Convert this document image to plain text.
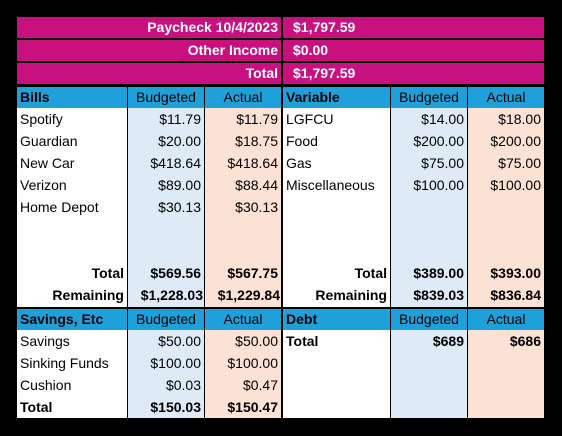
Paycheck 10/4/2023	$1,797.59
Other Income	$0.00
Total	$1,797.59
Bills	Budgeted	Actual
Spotify	$11.79	$11.79
Guardian	$20.00	$18.75
New Car	$418.64	$418.64
Verizon	$89.00	$88.44
Home Depot	$30.13	$30.13
Total	$569.56	$567.75
Remaining	$1,228.03	$1,229.84
Variable	Budgeted	Actual
LGFCU	$14.00	$18.00
Food	$200.00	$200.00
Gas	$75.00	$75.00
Miscellaneous	$100.00	$100.00
Total	$389.00	$393.00
Remaining	$839.03	$836.84
Savings, Etc	Budgeted	Actual
Savings	$50.00	$50.00
Sinking Funds	$100.00	$100.00
Cushion	$0.03	$0.47
Total	$150.03	$150.47
Debt	Budgeted	Actual
Total	$689	$686
